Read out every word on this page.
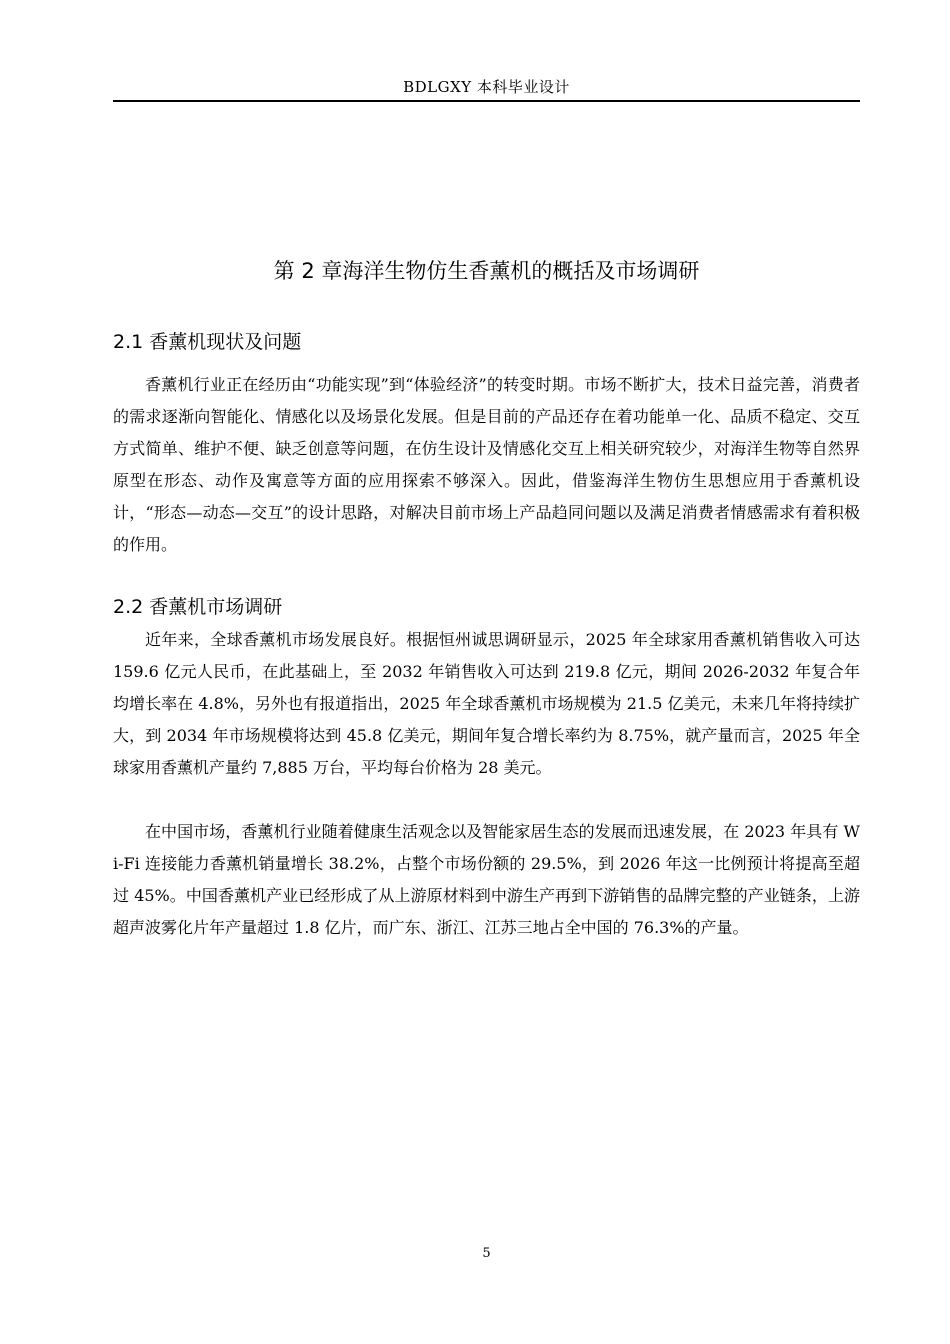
BDLGXY 本科毕业设计
第 2 章海洋生物仿生香薰机的概括及市场调研
2.1 香薰机现状及问题

香薰机行业正在经历由“功能实现”到“体验经济”的转变时期。市场不断扩大，技术日益完善，消费者的需求逐渐向智能化、情感化以及场景化发展。但是目前的产品还存在着功能单一化、品质不稳定、交互方式简单、维护不便、缺乏创意等问题，在仿生设计及情感化交互上相关研究较少，对海洋生物等自然界原型在形态、动作及寓意等方面的应用探索不够深入。因此，借鉴海洋生物仿生思想应用于香薰机设计，“形态—动态—交互”的设计思路，对解决目前市场上产品趋同问题以及满足消费者情感需求有着积极的作用。

2.2 香薰机市场调研

近年来，全球香薰机市场发展良好。根据恒州诚思调研显示，2025 年全球家用香薰机销售收入可达 159.6 亿元人民币，在此基础上，至 2032 年销售收入可达到 219.8 亿元，期间 2026-2032 年复合年均增长率在 4.8%，另外也有报道指出，2025 年全球香薰机市场规模为 21.5 亿美元，未来几年将持续扩大，到 2034 年市场规模将达到 45.8 亿美元，期间年复合增长率约为 8.75%，就产量而言，2025 年全球家用香薰机产量约 7,885 万台，平均每台价格为 28 美元。

在中国市场，香薰机行业随着健康生活观念以及智能家居生态的发展而迅速发展，在 2023 年具有 Wi-Fi 连接能力香薰机销量增长 38.2%，占整个市场份额的 29.5%，到 2026 年这一比例预计将提高至超过 45%。中国香薰机产业已经形成了从上游原材料到中游生产再到下游销售的品牌完整的产业链条，上游超声波雾化片年产量超过 1.8 亿片，而广东、浙江、江苏三地占全中国的 76.3%的产量。

5
